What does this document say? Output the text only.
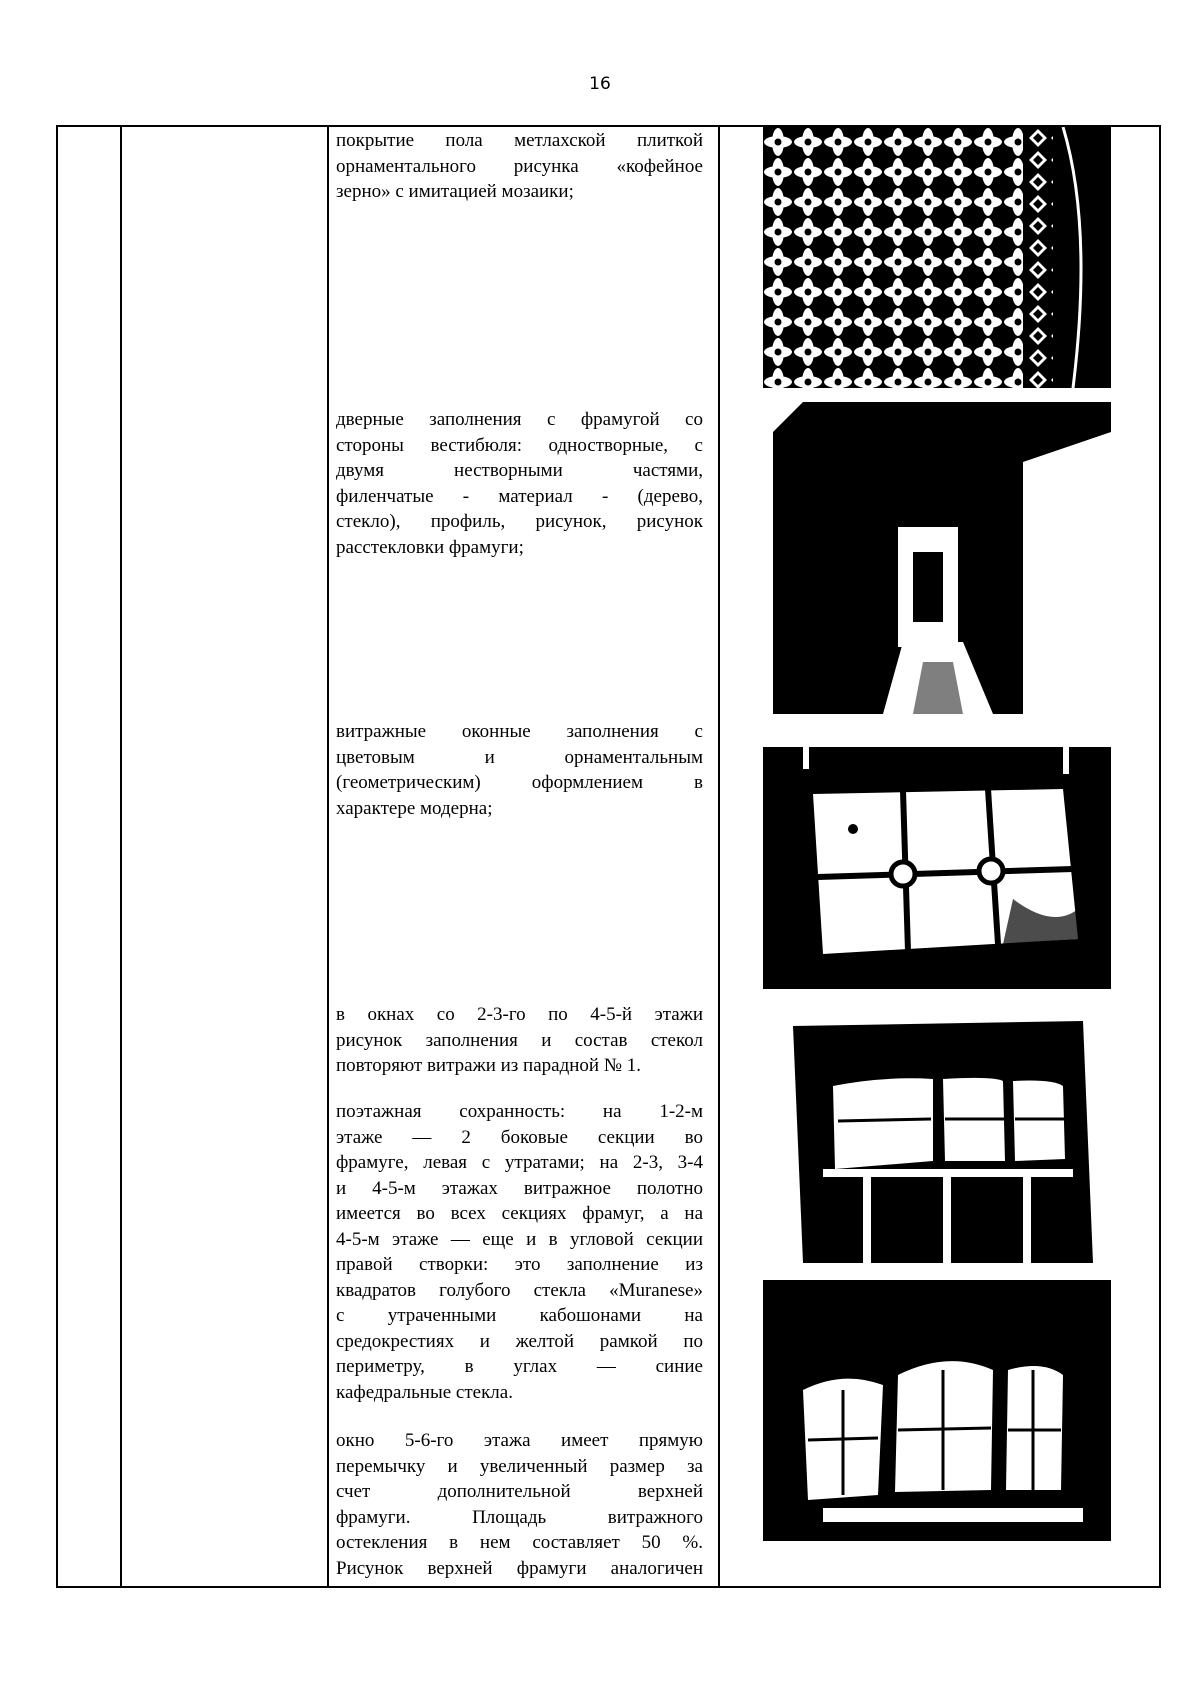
16
покрытие пола метлахской плиткой
орнаментального рисунка «кофейное
зерно» с имитацией мозаики;
дверные заполнения с фрамугой со
стороны вестибюля: одностворные, с
двумя нестворными частями,
филенчатые - материал - (дерево,
стекло), профиль, рисунок, рисунок
расстекловки фрамуги;
витражные оконные заполнения с
цветовым и орнаментальным
(геометрическим) оформлением в
характере модерна;
в окнах со 2-3-го по 4-5-й этажи
рисунок заполнения и состав стекол
повторяют витражи из парадной № 1.
поэтажная сохранность: на 1-2-м
этаже — 2 боковые секции во
фрамуге, левая с утратами; на 2-3, 3-4
и 4-5-м этажах витражное полотно
имеется во всех секциях фрамуг, а на
4-5-м этаже — еще и в угловой секции
правой створки: это заполнение из
квадратов голубого стекла «Muranese»
с утраченными кабошонами на
средокрестиях и желтой рамкой по
периметру, в углах — синие
кафедральные стекла.
окно 5-6-го этажа имеет прямую
перемычку и увеличенный размер за
счет дополнительной верхней
фрамуги. Площадь витражного
остекления в нем составляет 50 %.
Рисунок верхней фрамуги аналогичен
